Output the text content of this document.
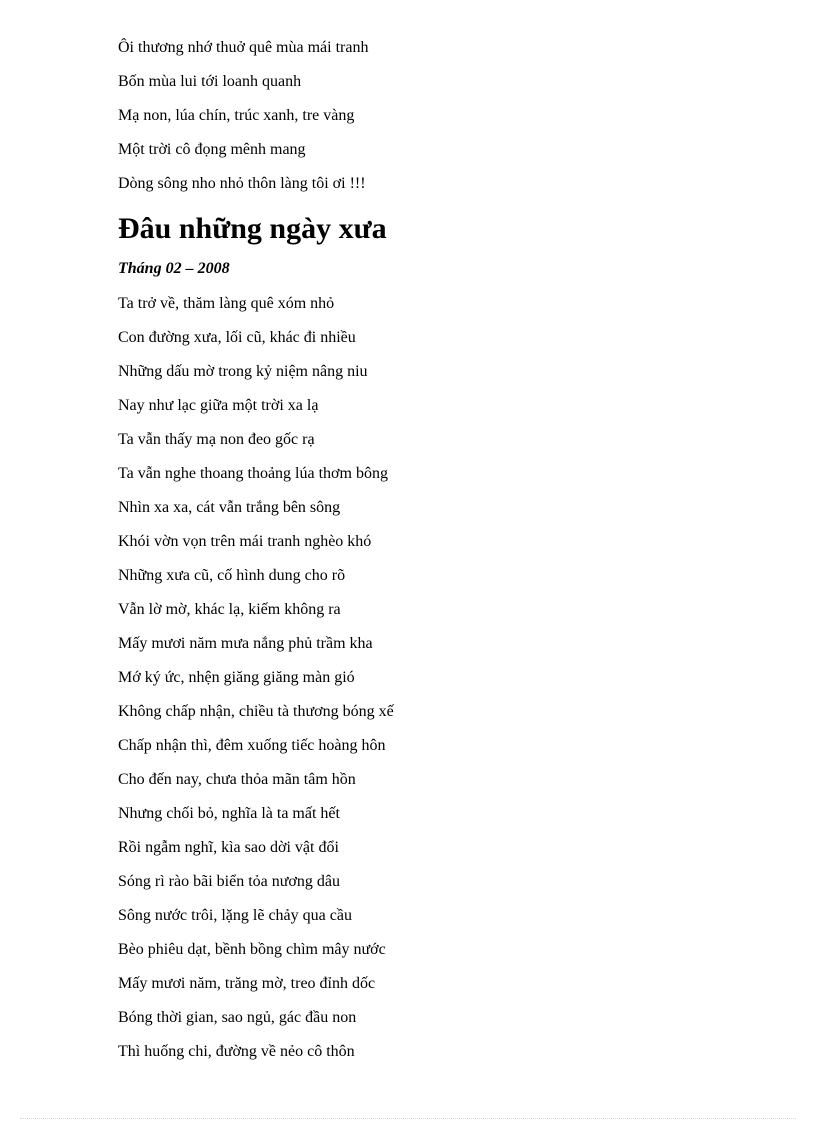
Ôi thương nhớ thuở quê mùa mái tranh
Bốn mùa lui tới loanh quanh
Mạ non, lúa chín, trúc xanh, tre vàng
Một trời cô đọng mênh mang
Dòng sông nho nhỏ thôn làng tôi ơi !!!
Đâu những ngày xưa

Tháng 02 – 2008

Ta trở về, thăm làng quê xóm nhỏ
Con đường xưa, lối cũ, khác đi nhiều
Những dấu mờ trong kỷ niệm nâng niu
Nay như lạc giữa một trời xa lạ
Ta vẫn thấy mạ non đeo gốc rạ
Ta vẫn nghe thoang thoảng lúa thơm bông
Nhìn xa xa, cát vẫn trắng bên sông
Khói vờn vọn trên mái tranh nghèo khó
Những xưa cũ, cố hình dung cho rõ
Vẫn lờ mờ, khác lạ, kiếm không ra
Mấy mươi năm mưa nắng phủ trầm kha
Mớ ký ức, nhện giăng giăng màn gió
Không chấp nhận, chiều tà thương bóng xế
Chấp nhận thì, đêm xuống tiếc hoàng hôn
Cho đến nay, chưa thỏa mãn tâm hồn
Nhưng chối bỏ, nghĩa là ta mất hết
Rồi ngẫm nghĩ, kìa sao dời vật đổi
Sóng rì rào bãi biển tỏa nương dâu
Sông nước trôi, lặng lẽ chảy qua cầu
Bèo phiêu dạt, bềnh bồng chìm mây nước
Mấy mươi năm, trăng mờ, treo đỉnh dốc
Bóng thời gian, sao ngủ, gác đầu non
Thì huống chi, đường về nẻo cô thôn
